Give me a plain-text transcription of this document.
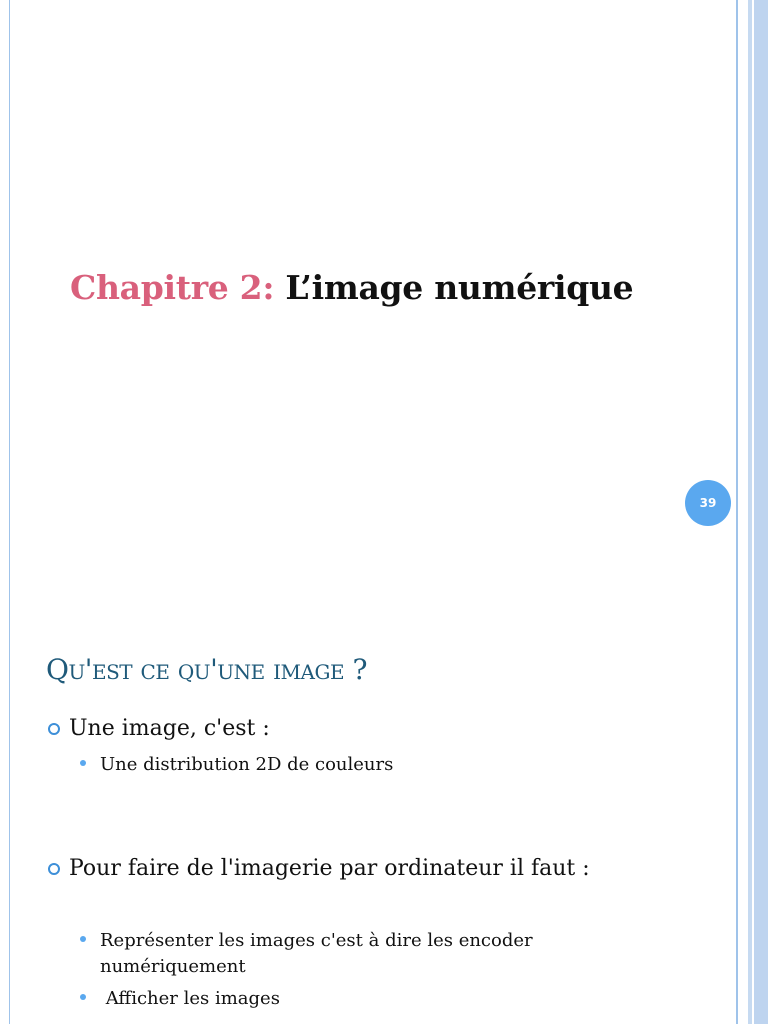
Chapitre 2: L’image numérique
39
Qu'est ce qu'une image ?
Une image, c'est :
Une distribution 2D de couleurs
Pour faire de l'imagerie par ordinateur il faut :
Représenter les images c'est à dire les encoder numériquement
Afficher les images
